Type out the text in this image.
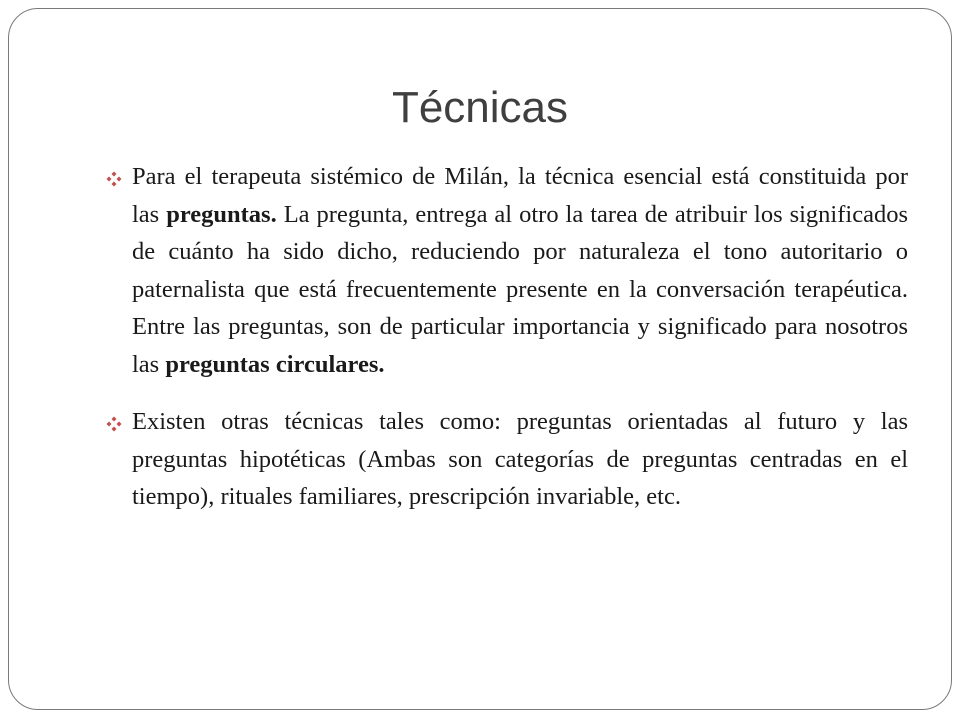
Técnicas
Para el terapeuta sistémico de Milán, la técnica esencial está constituida por las preguntas. La pregunta, entrega al otro la tarea de atribuir los significados de cuánto ha sido dicho, reduciendo por naturaleza el tono autoritario o paternalista que está frecuentemente presente en la conversación terapéutica. Entre las preguntas, son de particular importancia y significado para nosotros las preguntas circulares.
Existen otras técnicas tales como: preguntas orientadas al futuro y las preguntas hipotéticas (Ambas son categorías de preguntas centradas en el tiempo), rituales familiares, prescripción invariable, etc.
